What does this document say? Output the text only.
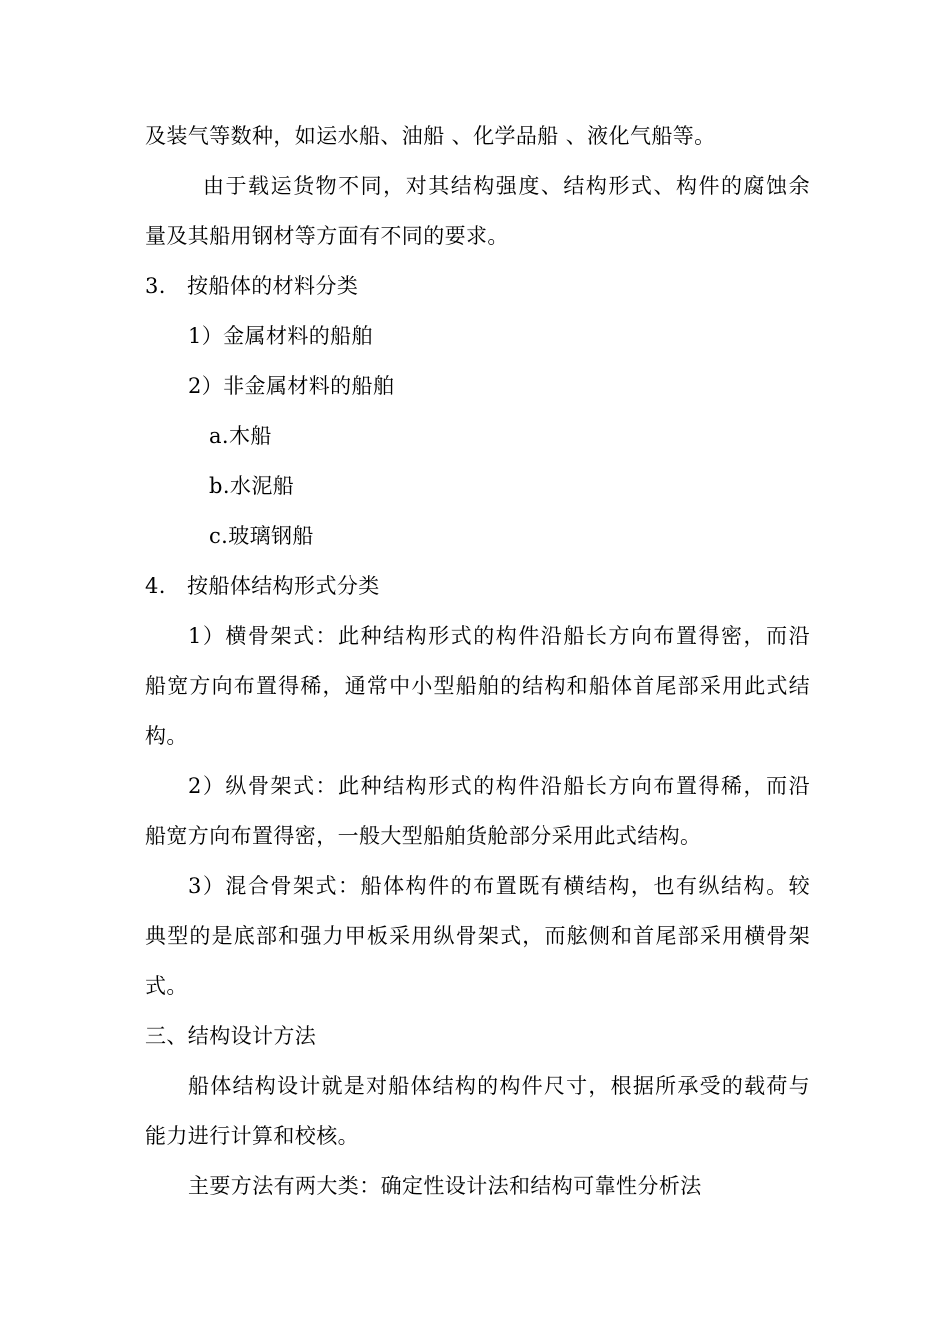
及装气等数种，如运水船、油船 、化学品船 、液化气船等。
由于载运货物不同，对其结构强度、结构形式、构件的腐蚀余
量及其船用钢材等方面有不同的要求。
3.   按船体的材料分类
1）金属材料的船舶
2）非金属材料的船舶
a.木船
b.水泥船
c.玻璃钢船
4.   按船体结构形式分类
1）横骨架式：此种结构形式的构件沿船长方向布置得密，而沿
船宽方向布置得稀，通常中小型船舶的结构和船体首尾部采用此式结
构。
2）纵骨架式：此种结构形式的构件沿船长方向布置得稀，而沿
船宽方向布置得密，一般大型船舶货舱部分采用此式结构。
3）混合骨架式：船体构件的布置既有横结构，也有纵结构。较
典型的是底部和强力甲板采用纵骨架式，而舷侧和首尾部采用横骨架
式。
三、结构设计方法
船体结构设计就是对船体结构的构件尺寸，根据所承受的载荷与
能力进行计算和校核。
主要方法有两大类：确定性设计法和结构可靠性分析法
